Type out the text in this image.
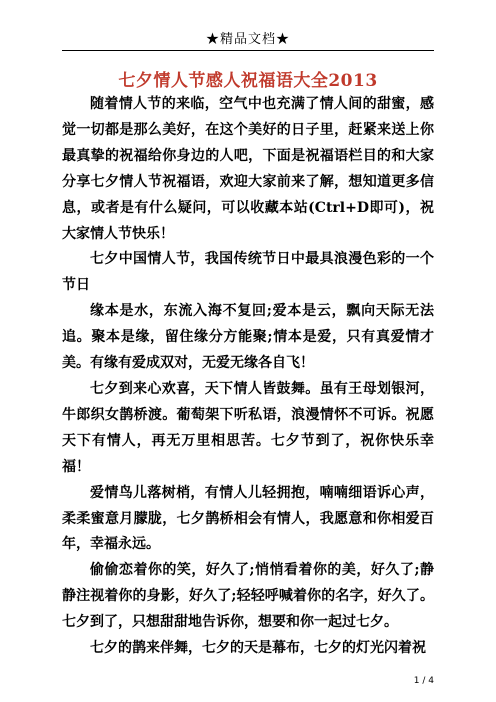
★精品文档★
七夕情人节感人祝福语大全2013

随着情人节的来临，空气中也充满了情人间的甜蜜，感觉一切都是那么美好，在这个美好的日子里，赶紧来送上你最真挚的祝福给你身边的人吧，下面是祝福语栏目的和大家分享七夕情人节祝福语，欢迎大家前来了解，想知道更多信息，或者是有什么疑问，可以收藏本站(Ctrl+D即可)，祝大家情人节快乐！

七夕中国情人节，我国传统节日中最具浪漫色彩的一个节日

缘本是水，东流入海不复回;爱本是云，飘向天际无法追。聚本是缘，留住缘分方能聚;情本是爱，只有真爱情才美。有缘有爱成双对，无爱无缘各自飞！

七夕到来心欢喜，天下情人皆鼓舞。虽有王母划银河，牛郎织女鹊桥渡。葡萄架下听私语，浪漫情怀不可诉。祝愿天下有情人，再无万里相思苦。七夕节到了，祝你快乐幸福！

爱情鸟儿落树梢，有情人儿轻拥抱，喃喃细语诉心声，柔柔蜜意月朦胧，七夕鹊桥相会有情人，我愿意和你相爱百年，幸福永远。

偷偷恋着你的笑，好久了;悄悄看着你的美，好久了;静静注视着你的身影，好久了;轻轻呼喊着你的名字，好久了。七夕到了，只想甜甜地告诉你，想要和你一起过七夕。

七夕的鹊来伴舞，七夕的天是幕布，七夕的灯光闪着祝

1 / 4
